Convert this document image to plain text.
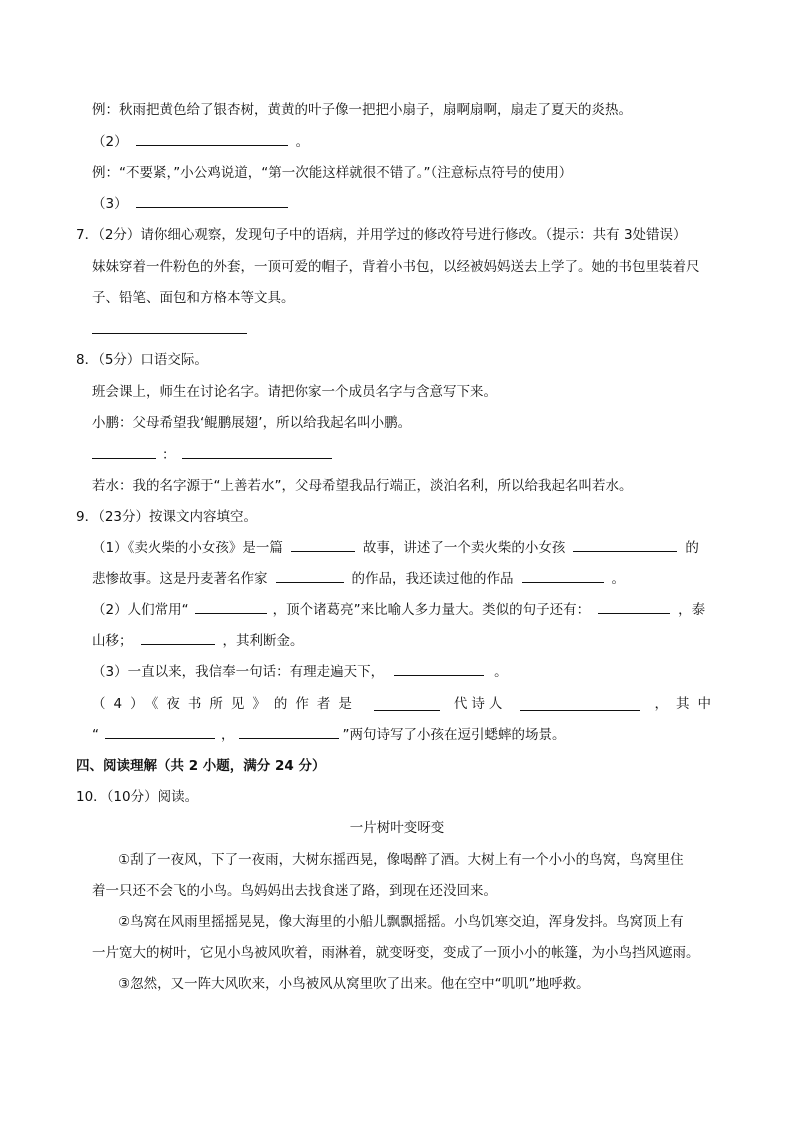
例：秋雨把黄色给了银杏树，黄黄的叶子像一把把小扇子，扇啊扇啊，扇走了夏天的炎热。
（2）	。
例：“不要紧，”小公鸡说道，“第一次能这样就很不错了。”（注意标点符号的使用）
（3）
7．（2分）请你细心观察，发现句子中的语病，并用学过的修改符号进行修改。（提示：共有 3处错误）
妹妹穿着一件粉色的外套，一顶可爱的帽子，背着小书包，以经被妈妈送去上学了。她的书包里装着尺
子、铅笔、面包和方格本等文具。
8．（5分）口语交际。
班会课上，师生在讨论名字。请把你家一个成员名字与含意写下来。
小鹏：父母希望我‘鲲鹏展翅’，所以给我起名叫小鹏。
：
若水：我的名字源于“上善若水”，父母希望我品行端正，淡泊名利，所以给我起名叫若水。
9．（23分）按课文内容填空。
（1）《卖火柴的小女孩》是一篇	故事，讲述了一个卖火柴的小女孩	的
悲惨故事。这是丹麦著名作家	的作品，我还读过他的作品	。
（2）人们常用“	，顶个诸葛亮”来比喻人多力量大。类似的句子还有：	，泰
山移；	，其利断金。
（3）一直以来，我信奉一句话：有理走遍天下，	。
（4）《夜书所见》的作者是	代诗人	，其中
“	，	”两句诗写了小孩在逗引蟋蟀的场景。
四、阅读理解（共 2 小题，满分 24 分）
10．（10分）阅读。
一片树叶变呀变
①刮了一夜风，下了一夜雨，大树东摇西晃，像喝醉了酒。大树上有一个小小的鸟窝，鸟窝里住
着一只还不会飞的小鸟。鸟妈妈出去找食迷了路，到现在还没回来。
②鸟窝在风雨里摇摇晃晃，像大海里的小船儿飘飘摇摇。小鸟饥寒交迫，浑身发抖。鸟窝顶上有
一片宽大的树叶，它见小鸟被风吹着，雨淋着，就变呀变，变成了一顶小小的帐篷，为小鸟挡风遮雨。
③忽然，又一阵大风吹来，小鸟被风从窝里吹了出来。他在空中“叽叽”地呼救。
